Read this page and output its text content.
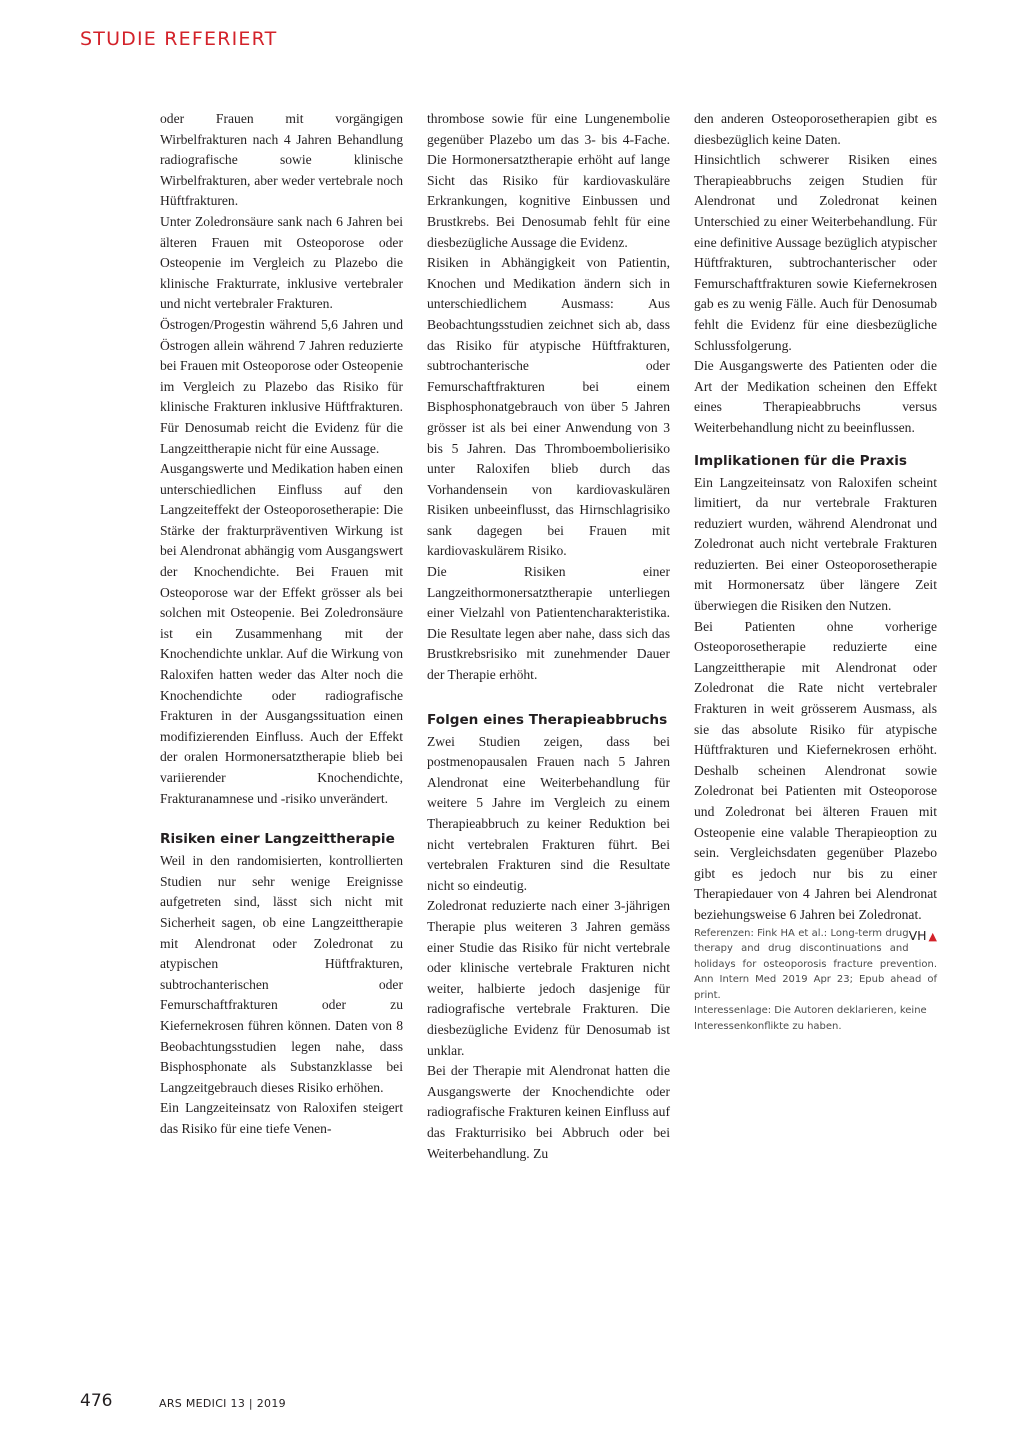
STUDIE REFERIERT

oder Frauen mit vorgängigen Wirbelfrakturen nach 4 Jahren Behandlung radiografische sowie klinische Wirbelfrakturen, aber weder vertebrale noch Hüftfrakturen.

Unter Zoledronsäure sank nach 6 Jahren bei älteren Frauen mit Osteoporose oder Osteopenie im Vergleich zu Plazebo die klinische Frakturrate, inklusive vertebraler und nicht vertebraler Frakturen.

Östrogen/Progestin während 5,6 Jahren und Östrogen allein während 7 Jahren reduzierte bei Frauen mit Osteoporose oder Osteopenie im Vergleich zu Plazebo das Risiko für klinische Frakturen inklusive Hüftfrakturen. Für Denosumab reicht die Evidenz für die Langzeittherapie nicht für eine Aussage.

Ausgangswerte und Medikation haben einen unterschiedlichen Einfluss auf den Langzeiteffekt der Osteoporosetherapie: Die Stärke der frakturpräventiven Wirkung ist bei Alendronat abhängig vom Ausgangswert der Knochendichte. Bei Frauen mit Osteoporose war der Effekt grösser als bei solchen mit Osteopenie. Bei Zoledronsäure ist ein Zusammenhang mit der Knochendichte unklar. Auf die Wirkung von Raloxifen hatten weder das Alter noch die Knochendichte oder radiografische Frakturen in der Ausgangssituation einen modifizierenden Einfluss. Auch der Effekt der oralen Hormonersatztherapie blieb bei variierender Knochendichte, Frakturanamnese und -risiko unverändert.

Risiken einer Langzeittherapie

Weil in den randomisierten, kontrollierten Studien nur sehr wenige Ereignisse aufgetreten sind, lässt sich nicht mit Sicherheit sagen, ob eine Langzeittherapie mit Alendronat oder Zoledronat zu atypischen Hüftfrakturen, subtrochanterischen oder Femurschaftfrakturen oder zu Kiefernekrosen führen können. Daten von 8 Beobachtungsstudien legen nahe, dass Bisphosphonate als Substanzklasse bei Langzeitgebrauch dieses Risiko erhöhen.

Ein Langzeiteinsatz von Raloxifen steigert das Risiko für eine tiefe Venen-

thrombose sowie für eine Lungenembolie gegenüber Plazebo um das 3- bis 4-Fache. Die Hormonersatztherapie erhöht auf lange Sicht das Risiko für kardiovaskuläre Erkrankungen, kognitive Einbussen und Brustkrebs. Bei Denosumab fehlt für eine diesbezügliche Aussage die Evidenz.

Risiken in Abhängigkeit von Patientin, Knochen und Medikation ändern sich in unterschiedlichem Ausmass: Aus Beobachtungsstudien zeichnet sich ab, dass das Risiko für atypische Hüftfrakturen, subtrochanterische oder Femurschaftfrakturen bei einem Bisphosphonatgebrauch von über 5 Jahren grösser ist als bei einer Anwendung von 3 bis 5 Jahren. Das Thromboembolierisiko unter Raloxifen blieb durch das Vorhandensein von kardiovaskulären Risiken unbeeinflusst, das Hirnschlagrisiko sank dagegen bei Frauen mit kardiovaskulärem Risiko.

Die Risiken einer Langzeithormonersatztherapie unterliegen einer Vielzahl von Patientencharakteristika. Die Resultate legen aber nahe, dass sich das Brustkrebsrisiko mit zunehmender Dauer der Therapie erhöht.

Folgen eines Therapieabbruchs

Zwei Studien zeigen, dass bei postmenopausalen Frauen nach 5 Jahren Alendronat eine Weiterbehandlung für weitere 5 Jahre im Vergleich zu einem Therapieabbruch zu keiner Reduktion bei nicht vertebralen Frakturen führt. Bei vertebralen Frakturen sind die Resultate nicht so eindeutig.

Zoledronat reduzierte nach einer 3-jährigen Therapie plus weiteren 3 Jahren gemäss einer Studie das Risiko für nicht vertebrale oder klinische vertebrale Frakturen nicht weiter, halbierte jedoch dasjenige für radiografische vertebrale Frakturen. Die diesbezügliche Evidenz für Denosumab ist unklar.

Bei der Therapie mit Alendronat hatten die Ausgangswerte der Knochendichte oder radiografische Frakturen keinen Einfluss auf das Frakturrisiko bei Abbruch oder bei Weiterbehandlung. Zu

den anderen Osteoporosetherapien gibt es diesbezüglich keine Daten.

Hinsichtlich schwerer Risiken eines Therapieabbruchs zeigen Studien für Alendronat und Zoledronat keinen Unterschied zu einer Weiterbehandlung. Für eine definitive Aussage bezüglich atypischer Hüftfrakturen, subtrochanterischer oder Femurschaftfrakturen sowie Kiefernekrosen gab es zu wenig Fälle. Auch für Denosumab fehlt die Evidenz für eine diesbezügliche Schlussfolgerung.

Die Ausgangswerte des Patienten oder die Art der Medikation scheinen den Effekt eines Therapieabbruchs versus Weiterbehandlung nicht zu beeinflussen.

Implikationen für die Praxis

Ein Langzeiteinsatz von Raloxifen scheint limitiert, da nur vertebrale Frakturen reduziert wurden, während Alendronat und Zoledronat auch nicht vertebrale Frakturen reduzierten. Bei einer Osteoporosetherapie mit Hormonersatz über längere Zeit überwiegen die Risiken den Nutzen.

Bei Patienten ohne vorherige Osteoporosetherapie reduzierte eine Langzeittherapie mit Alendronat oder Zoledronat die Rate nicht vertebraler Frakturen in weit grösserem Ausmass, als sie das absolute Risiko für atypische Hüftfrakturen und Kiefernekrosen erhöht. Deshalb scheinen Alendronat sowie Zoledronat bei Patienten mit Osteoporose und Zoledronat bei älteren Frauen mit Osteopenie eine valable Therapieoption zu sein. Vergleichsdaten gegenüber Plazebo gibt es jedoch nur bis zu einer Therapiedauer von 4 Jahren bei Alendronat beziehungsweise 6 Jahren bei Zoledronat.
VH ▲

Referenzen: Fink HA et al.: Long-term drug therapy and drug discontinuations and holidays for osteoporosis fracture prevention. Ann Intern Med 2019 Apr 23; Epub ahead of print.

Interessenlage: Die Autoren deklarieren, keine Interessenkonflikte zu haben.

476	ARS MEDICI 13 | 2019
